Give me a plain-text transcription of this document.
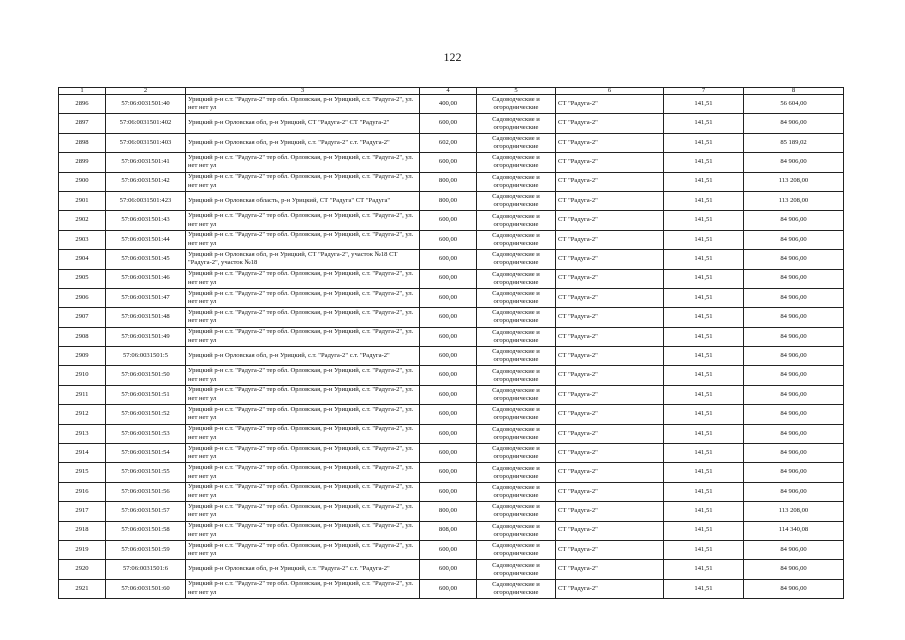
122
1	2	3	4	5	6	7	8
2896	57:06:0031501:40	Урицкий р-н с.т. "Радуга-2" тер обл. Орловская, р-н Урицкий, с.т. "Радуга-2", ул. нет нет ул	400,00	Садоводческие и огороднические	СТ "Радуга-2"	141,51	56 604,00
2897	57:06:0031501:402	Урицкий р-н Орловская обл, р-н Урицкий, СТ "Радуга-2" СТ "Радуга-2"	600,00	Садоводческие и огороднические	СТ "Радуга-2"	141,51	84 906,00
2898	57:06:0031501:403	Урицкий р-н Орловская обл, р-н Урицкий, с.т. "Радуга-2" с.т. "Радуга-2"	602,00	Садоводческие и огороднические	СТ "Радуга-2"	141,51	85 189,02
2899	57:06:0031501:41	Урицкий р-н с.т. "Радуга-2" тер обл. Орловская, р-н Урицкий, с.т. "Радуга-2", ул. нет нет ул	600,00	Садоводческие и огороднические	СТ "Радуга-2"	141,51	84 906,00
2900	57:06:0031501:42	Урицкий р-н с.т. "Радуга-2" тер обл. Орловская, р-н Урицкий, с.т. "Радуга-2", ул. нет нет ул	800,00	Садоводческие и огороднические	СТ "Радуга-2"	141,51	113 208,00
2901	57:06:0031501:423	Урицкий р-н Орловская область, р-н Урицкий, СТ "Радуга" СТ "Радуга"	800,00	Садоводческие и огороднические	СТ "Радуга-2"	141,51	113 208,00
2902	57:06:0031501:43	Урицкий р-н с.т. "Радуга-2" тер обл. Орловская, р-н Урицкий, с.т. "Радуга-2", ул. нет нет ул	600,00	Садоводческие и огороднические	СТ "Радуга-2"	141,51	84 906,00
2903	57:06:0031501:44	Урицкий р-н с.т. "Радуга-2" тер обл. Орловская, р-н Урицкий, с.т. "Радуга-2", ул. нет нет ул	600,00	Садоводческие и огороднические	СТ "Радуга-2"	141,51	84 906,00
2904	57:06:0031501:45	Урицкий р-н Орловская обл, р-н Урицкий, СТ "Радуга-2", участок №18 СТ "Радуга-2", участок №18	600,00	Садоводческие и огороднические	СТ "Радуга-2"	141,51	84 906,00
2905	57:06:0031501:46	Урицкий р-н с.т. "Радуга-2" тер обл. Орловская, р-н Урицкий, с.т. "Радуга-2", ул. нет нет ул	600,00	Садоводческие и огороднические	СТ "Радуга-2"	141,51	84 906,00
2906	57:06:0031501:47	Урицкий р-н с.т. "Радуга-2" тер обл. Орловская, р-н Урицкий, с.т. "Радуга-2", ул. нет нет ул	600,00	Садоводческие и огороднические	СТ "Радуга-2"	141,51	84 906,00
2907	57:06:0031501:48	Урицкий р-н с.т. "Радуга-2" тер обл. Орловская, р-н Урицкий, с.т. "Радуга-2", ул. нет нет ул	600,00	Садоводческие и огороднические	СТ "Радуга-2"	141,51	84 906,00
2908	57:06:0031501:49	Урицкий р-н с.т. "Радуга-2" тер обл. Орловская, р-н Урицкий, с.т. "Радуга-2", ул. нет нет ул	600,00	Садоводческие и огороднические	СТ "Радуга-2"	141,51	84 906,00
2909	57:06:0031501:5	Урицкий р-н Орловская обл, р-н Урицкий, с.т. "Радуга-2" с.т. "Радуга-2"	600,00	Садоводческие и огороднические	СТ "Радуга-2"	141,51	84 906,00
2910	57:06:0031501:50	Урицкий р-н с.т. "Радуга-2" тер обл. Орловская, р-н Урицкий, с.т. "Радуга-2", ул. нет нет ул	600,00	Садоводческие и огороднические	СТ "Радуга-2"	141,51	84 906,00
2911	57:06:0031501:51	Урицкий р-н с.т. "Радуга-2" тер обл. Орловская, р-н Урицкий, с.т. "Радуга-2", ул. нет нет ул	600,00	Садоводческие и огороднические	СТ "Радуга-2"	141,51	84 906,00
2912	57:06:0031501:52	Урицкий р-н с.т. "Радуга-2" тер обл. Орловская, р-н Урицкий, с.т. "Радуга-2", ул. нет нет ул	600,00	Садоводческие и огороднические	СТ "Радуга-2"	141,51	84 906,00
2913	57:06:0031501:53	Урицкий р-н с.т. "Радуга-2" тер обл. Орловская, р-н Урицкий, с.т. "Радуга-2", ул. нет нет ул	600,00	Садоводческие и огороднические	СТ "Радуга-2"	141,51	84 906,00
2914	57:06:0031501:54	Урицкий р-н с.т. "Радуга-2" тер обл. Орловская, р-н Урицкий, с.т. "Радуга-2", ул. нет нет ул	600,00	Садоводческие и огороднические	СТ "Радуга-2"	141,51	84 906,00
2915	57:06:0031501:55	Урицкий р-н с.т. "Радуга-2" тер обл. Орловская, р-н Урицкий, с.т. "Радуга-2", ул. нет нет ул	600,00	Садоводческие и огороднические	СТ "Радуга-2"	141,51	84 906,00
2916	57:06:0031501:56	Урицкий р-н с.т. "Радуга-2" тер обл. Орловская, р-н Урицкий, с.т. "Радуга-2", ул. нет нет ул	600,00	Садоводческие и огороднические	СТ "Радуга-2"	141,51	84 906,00
2917	57:06:0031501:57	Урицкий р-н с.т. "Радуга-2" тер обл. Орловская, р-н Урицкий, с.т. "Радуга-2", ул. нет нет ул	800,00	Садоводческие и огороднические	СТ "Радуга-2"	141,51	113 208,00
2918	57:06:0031501:58	Урицкий р-н с.т. "Радуга-2" тер обл. Орловская, р-н Урицкий, с.т. "Радуга-2", ул. нет нет ул	808,00	Садоводческие и огороднические	СТ "Радуга-2"	141,51	114 340,08
2919	57:06:0031501:59	Урицкий р-н с.т. "Радуга-2" тер обл. Орловская, р-н Урицкий, с.т. "Радуга-2", ул. нет нет ул	600,00	Садоводческие и огороднические	СТ "Радуга-2"	141,51	84 906,00
2920	57:06:0031501:6	Урицкий р-н Орловская обл, р-н Урицкий, с.т. "Радуга-2" с.т. "Радуга-2"	600,00	Садоводческие и огороднические	СТ "Радуга-2"	141,51	84 906,00
2921	57:06:0031501:60	Урицкий р-н с.т. "Радуга-2" тер обл. Орловская, р-н Урицкий, с.т. "Радуга-2", ул. нет нет ул	600,00	Садоводческие и огороднические	СТ "Радуга-2"	141,51	84 906,00
